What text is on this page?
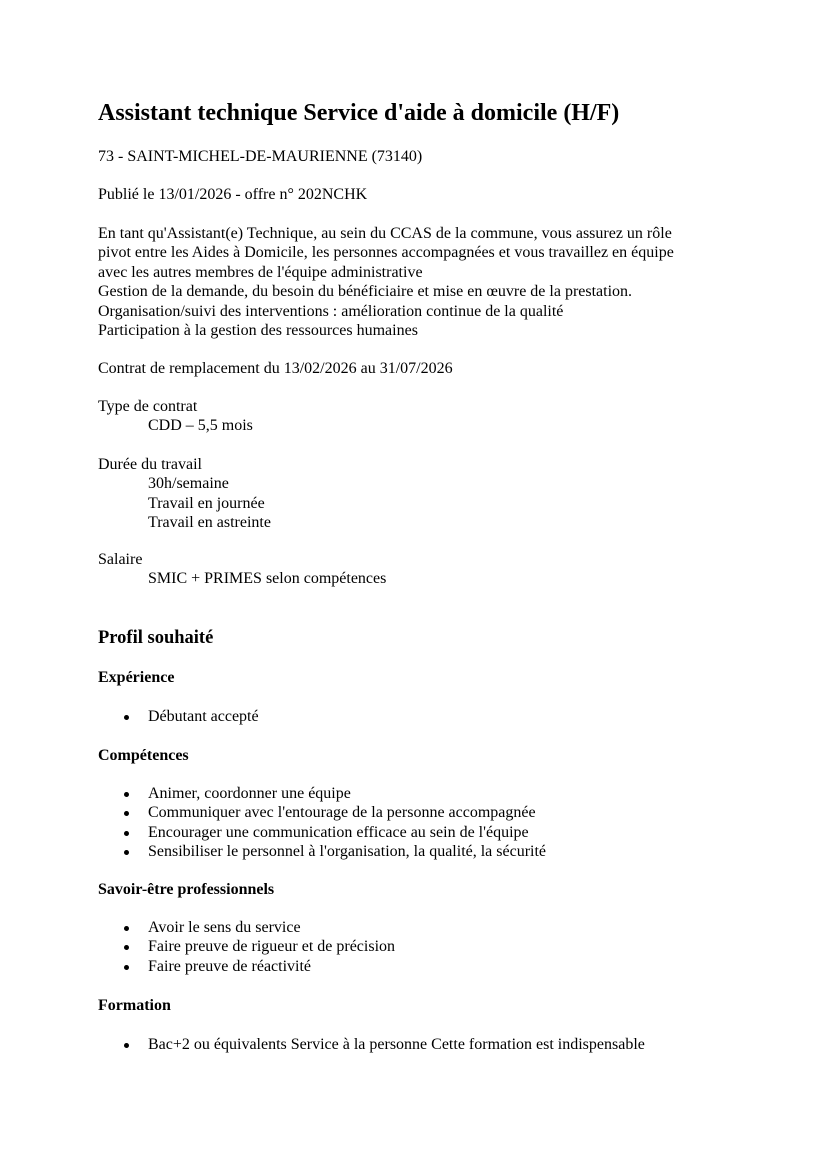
Assistant technique Service d'aide à domicile (H/F)

73 - SAINT-MICHEL-DE-MAURIENNE (73140)

Publié le 13/01/2026 - offre n° 202NCHK

En tant qu'Assistant(e) Technique, au sein du CCAS de la commune, vous assurez un rôle
pivot entre les Aides à Domicile, les personnes accompagnées et vous travaillez en équipe
avec les autres membres de l'équipe administrative
Gestion de la demande, du besoin du bénéficiaire et mise en œuvre de la prestation.
Organisation/suivi des interventions : amélioration continue de la qualité
Participation à la gestion des ressources humaines

Contrat de remplacement du 13/02/2026 au 31/07/2026

Type de contrat
CDD – 5,5 mois
Durée du travail
30h/semaine
Travail en journée
Travail en astreinte
Salaire
SMIC + PRIMES selon compétences
Profil souhaité
Expérience
Débutant accepté
Compétences
Animer, coordonner une équipe
Communiquer avec l'entourage de la personne accompagnée
Encourager une communication efficace au sein de l'équipe
Sensibiliser le personnel à l'organisation, la qualité, la sécurité
Savoir-être professionnels
Avoir le sens du service
Faire preuve de rigueur et de précision
Faire preuve de réactivité
Formation
Bac+2 ou équivalents Service à la personne Cette formation est indispensable
